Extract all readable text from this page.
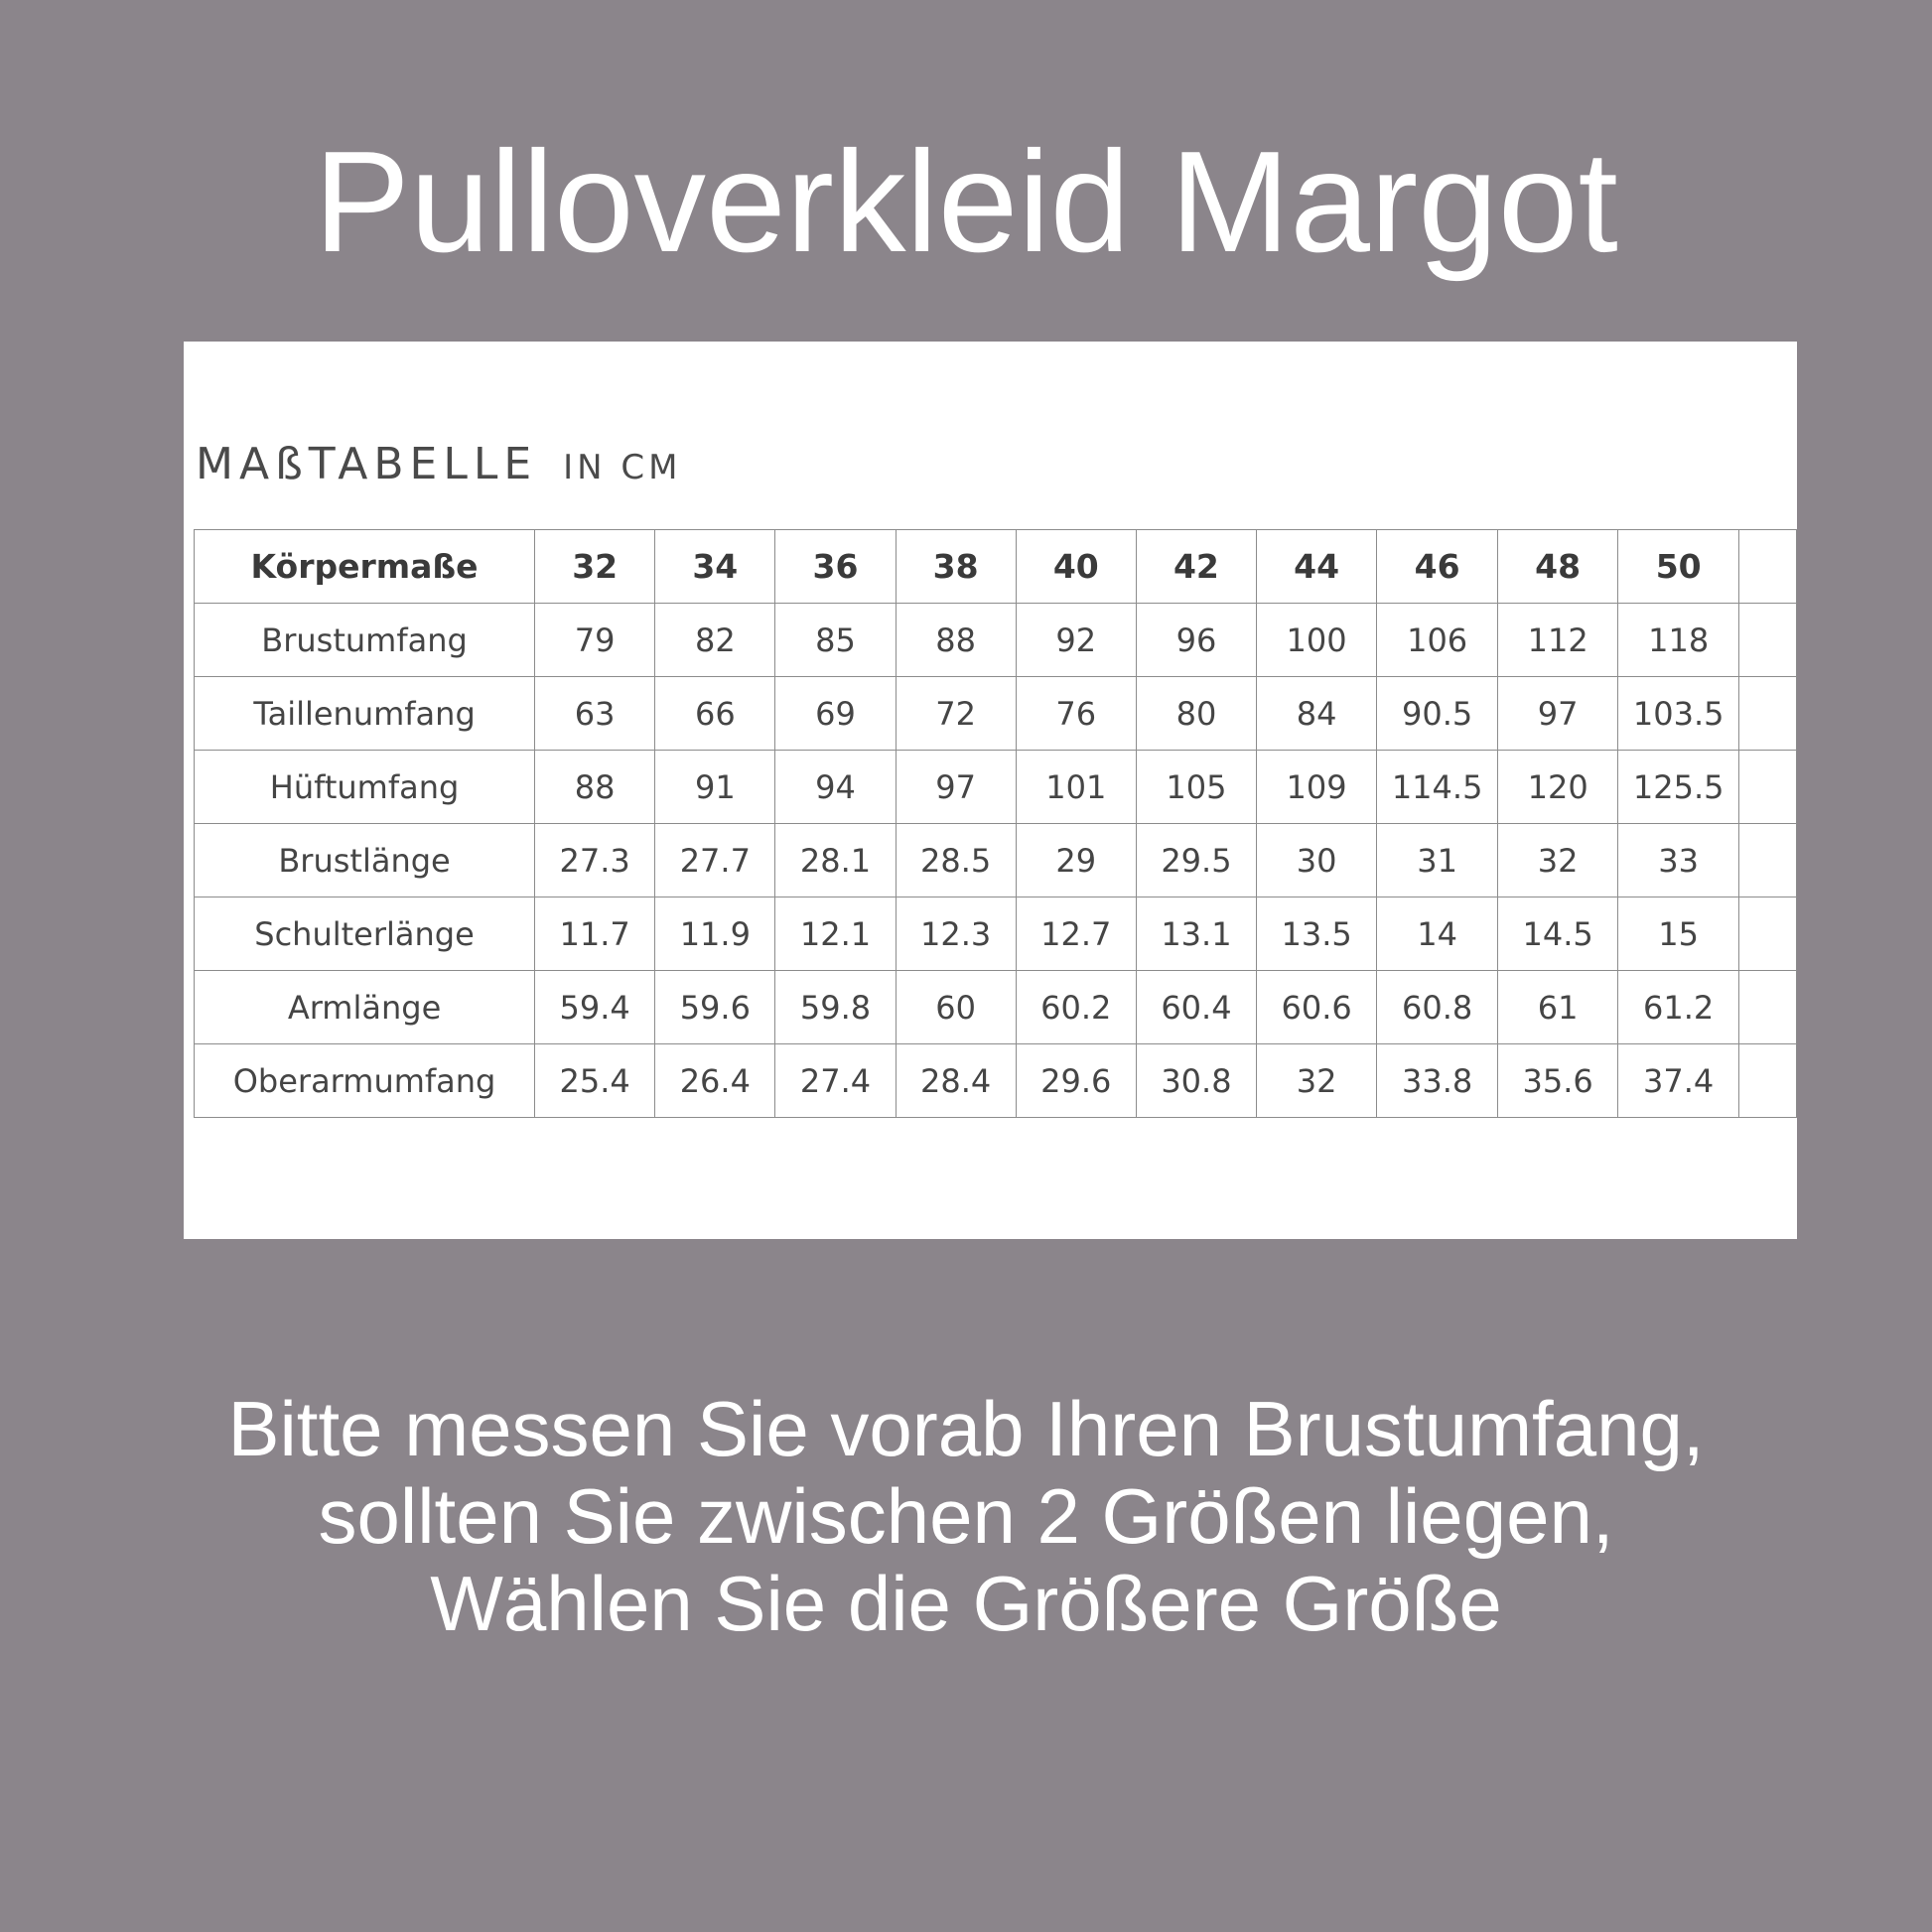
Pulloverkleid Margot
MAßTABELLE IN CM
Körpermaße	32	34	36	38	40	42	44	46	48	50	
Brustumfang	79	82	85	88	92	96	100	106	112	118	
Taillenumfang	63	66	69	72	76	80	84	90.5	97	103.5	
Hüftumfang	88	91	94	97	101	105	109	114.5	120	125.5	
Brustlänge	27.3	27.7	28.1	28.5	29	29.5	30	31	32	33	
Schulterlänge	11.7	11.9	12.1	12.3	12.7	13.1	13.5	14	14.5	15	
Armlänge	59.4	59.6	59.8	60	60.2	60.4	60.6	60.8	61	61.2	
Oberarmumfang	25.4	26.4	27.4	28.4	29.6	30.8	32	33.8	35.6	37.4	
Bitte messen Sie vorab Ihren Brustumfang,
sollten Sie zwischen 2 Größen liegen,
Wählen Sie die Größere Größe
